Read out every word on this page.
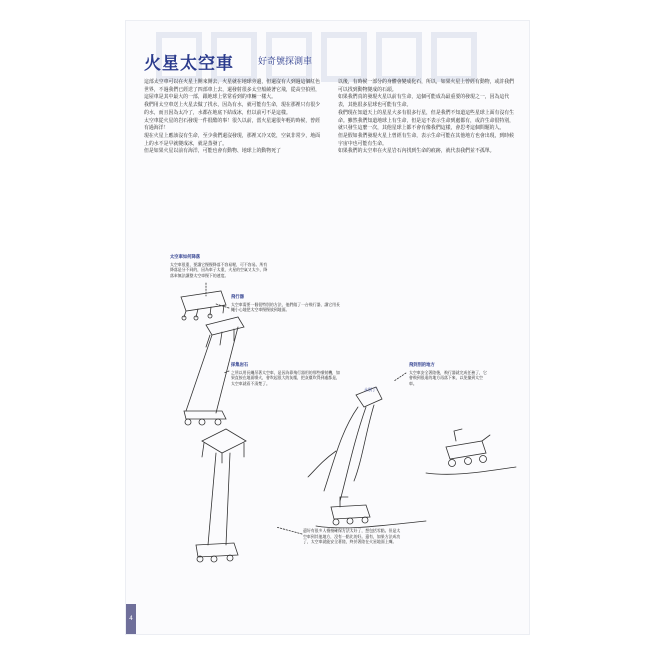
火星太空車	好奇號探測車

這部太空車可以在火星上開來開去，火星就在地球旁邊，但還沒有人到過這個紅色世界，不過我們已經送了四部車上去，還發射很多太空船繞著它飛，從高空拍照，這屋車是其中最大的一部，跟地球上常常看到的車輛一樣大。

我們用太空車送上火星去做了找水，因為有水，就可能有生命，現在那裡只有很少的水，而且因為太冷了，水都在地底下結成冰，但以前可不是這樣。

太空車從火星的岩石發現一件很酷的事！很久以前，當火星還很年輕的時候，曾經有過海洋！

現在火星上應該沒有生命，至少我們還沒發現，那裡又冷又乾，空氣非常少，地面上的水不是早就變成冰，就是蒸發了。

但是如果火星以前有海洋，可能也會有動物、地球上的動物死了

以後，有時候一部分的身體會變成化石，所以，如果火星上曾經有動物，或許我們可以找到動物變成的石頭。

如果我們真的發現火星以前有生命，這個可能成為最重要的發現之一，因為這代表，其他很多星球也可能有生命。

我們現在知道天上的星星大多有很多行星，但是我們不知道這些星球上面有沒有生命。雖然我們知道地球上有生命，但是這不表示生命到處都有，或許生命很特別，就只發生這麼一次，其他星球上都不會有像我們這樣，會思考這個問題的人。

但是假如我們發現火星上曾經有生命，表示生命可能在其他地方也會出現，到時候宇宙中也可能有生命。

如果我們的太空車在火星岩石內找到生命的痕跡，就代表我們並不孤單。

太空車如何降落
太空車很重，要讓它慢慢降落不容易喔，可不容易。所有降落是分不同的，因為車子太重，火星的空氣又太少，降落傘無法讓整太空車慢下的速度。
飛行器
太空車需要一個很特別的方法，他們做了一台飛行器，讓它用長繩小心地把太空車慢慢放到地面。
採集岩石
之所以用長繩吊著太空車，是因為靠飛行器用的那些噴射機，如果直接在地面噴火，會吹起很大的灰塵，把灰塵吹得到處都是，太空車就看不清楚了。
飛到別的地方
太空車安全著陸後，飛行器就完成任務了，它會飛到很遠的地方再落下來，以免撞到太空車。
還好有很多人慢慢確保方法太好了，想包括零點。但是太空車到其他地方，沒有一點比的好。還有，如果方法成功了，太空車就能安全著陸，終於著陸在火星地面上囉。
永別了！
4
